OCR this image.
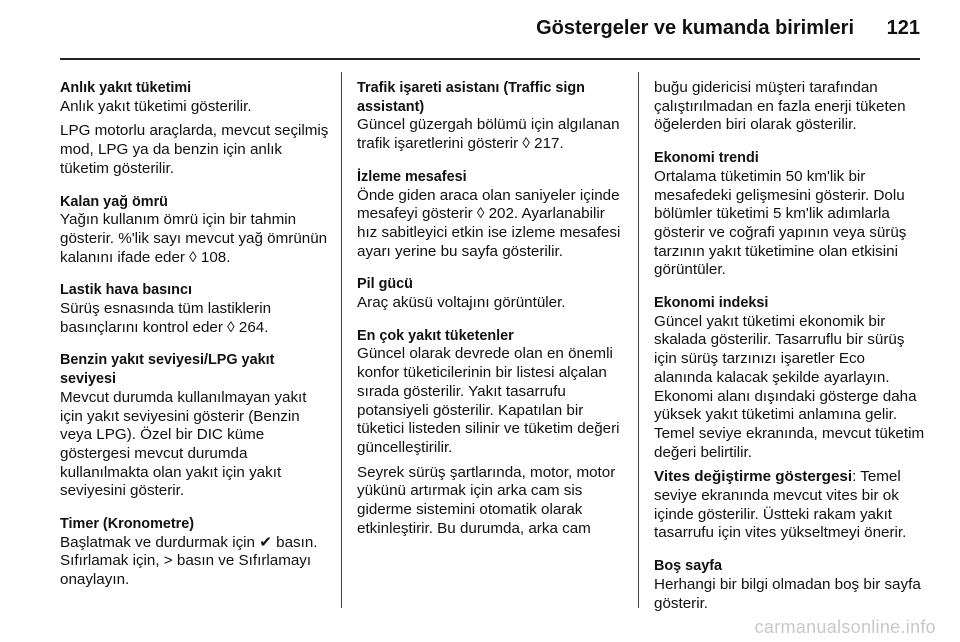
Göstergeler ve kumanda birimleri 121
Anlık yakıt tüketimi

Anlık yakıt tüketimi gösterilir.

LPG motorlu araçlarda, mevcut seçilmiş mod, LPG ya da benzin için anlık tüketim gösterilir.

Kalan yağ ömrü

Yağın kullanım ömrü için bir tahmin gösterir. %'lik sayı mevcut yağ ömrünün kalanını ifade eder ◊ 108.

Lastik hava basıncı

Sürüş esnasında tüm lastiklerin basınçlarını kontrol eder ◊ 264.

Benzin yakıt seviyesi/LPG yakıt seviyesi

Mevcut durumda kullanılmayan yakıt için yakıt seviyesini gösterir (Benzin veya LPG). Özel bir DIC küme göstergesi mevcut durumda kullanılmakta olan yakıt için yakıt seviyesini gösterir.

Timer (Kronometre)

Başlatmak ve durdurmak için ✔ basın. Sıfırlamak için, > basın ve Sıfırlamayı onaylayın.

Trafik işareti asistanı (Traffic sign assistant)

Güncel güzergah bölümü için algılanan trafik işaretlerini gösterir ◊ 217.

İzleme mesafesi

Önde giden araca olan saniyeler içinde mesafeyi gösterir ◊ 202. Ayarlanabilir hız sabitleyici etkin ise izleme mesafesi ayarı yerine bu sayfa gösterilir.

Pil gücü

Araç aküsü voltajını görüntüler.

En çok yakıt tüketenler

Güncel olarak devrede olan en önemli konfor tüketicilerinin bir listesi alçalan sırada gösterilir. Yakıt tasarrufu potansiyeli gösterilir. Kapatılan bir tüketici listeden silinir ve tüketim değeri güncelleştirilir.

Seyrek sürüş şartlarında, motor, motor yükünü artırmak için arka cam sis giderme sistemini otomatik olarak etkinleştirir. Bu durumda, arka cam

buğu gidericisi müşteri tarafından çalıştırılmadan en fazla enerji tüketen öğelerden biri olarak gösterilir.

Ekonomi trendi

Ortalama tüketimin 50 km'lik bir mesafedeki gelişmesini gösterir. Dolu bölümler tüketimi 5 km'lik adımlarla gösterir ve coğrafi yapının veya sürüş tarzının yakıt tüketimine olan etkisini görüntüler.

Ekonomi indeksi

Güncel yakıt tüketimi ekonomik bir skalada gösterilir. Tasarruflu bir sürüş için sürüş tarzınızı işaretler Eco alanında kalacak şekilde ayarlayın. Ekonomi alanı dışındaki gösterge daha yüksek yakıt tüketimi anlamına gelir. Temel seviye ekranında, mevcut tüketim değeri belirtilir.

Vites değiştirme göstergesi: Temel seviye ekranında mevcut vites bir ok içinde gösterilir. Üstteki rakam yakıt tasarrufu için vites yükseltmeyi önerir.

Boş sayfa

Herhangi bir bilgi olmadan boş bir sayfa gösterir.

carmanualsonline.info
